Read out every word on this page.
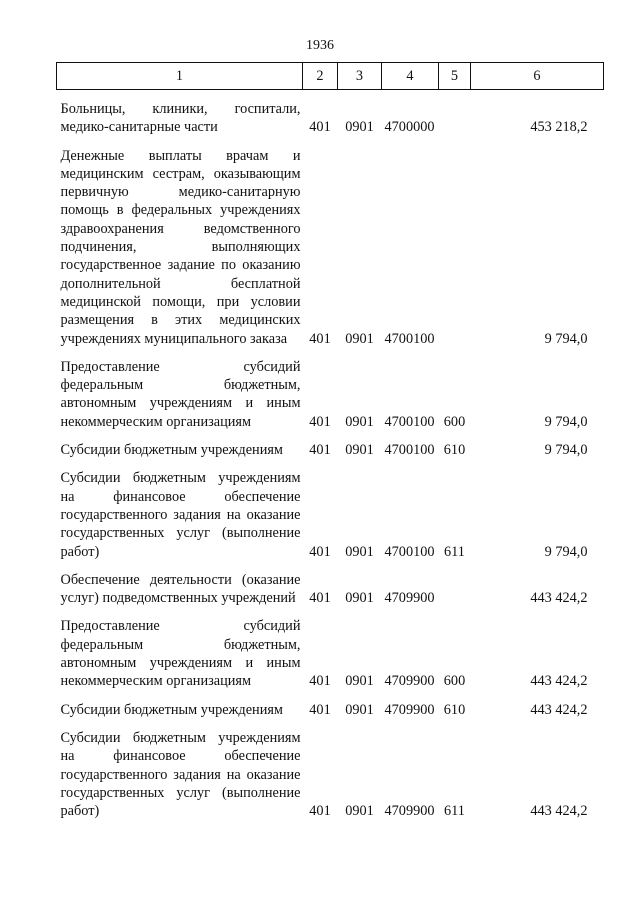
1936
1	2	3	4	5	6

Больницы, клиники, госпитали, медико-санитарные части	401	0901	4700000		453 218,2

Денежные выплаты врачам и медицинским сестрам, оказывающим первичную медико-санитарную помощь в федеральных учреждениях здравоохранения ведомственного подчинения, выполняющих государственное задание по оказанию дополнительной бесплатной медицинской помощи, при условии размещения в этих медицинских учреждениях муниципального заказа	401	0901	4700100		9 794,0

Предоставление субсидий федеральным бюджетным, автономным учреждениям и иным некоммерческим организациям	401	0901	4700100	600	9 794,0

Субсидии бюджетным учреждениям	401	0901	4700100	610	9 794,0

Субсидии бюджетным учреждениям на финансовое обеспечение государственного задания на оказание государственных услуг (выполнение работ)	401	0901	4700100	611	9 794,0

Обеспечение деятельности (оказание услуг) подведомственных учреждений	401	0901	4709900		443 424,2

Предоставление субсидий федеральным бюджетным, автономным учреждениям и иным некоммерческим организациям	401	0901	4709900	600	443 424,2

Субсидии бюджетным учреждениям	401	0901	4709900	610	443 424,2

Субсидии бюджетным учреждениям на финансовое обеспечение государственного задания на оказание государственных услуг (выполнение работ)	401	0901	4709900	611	443 424,2
